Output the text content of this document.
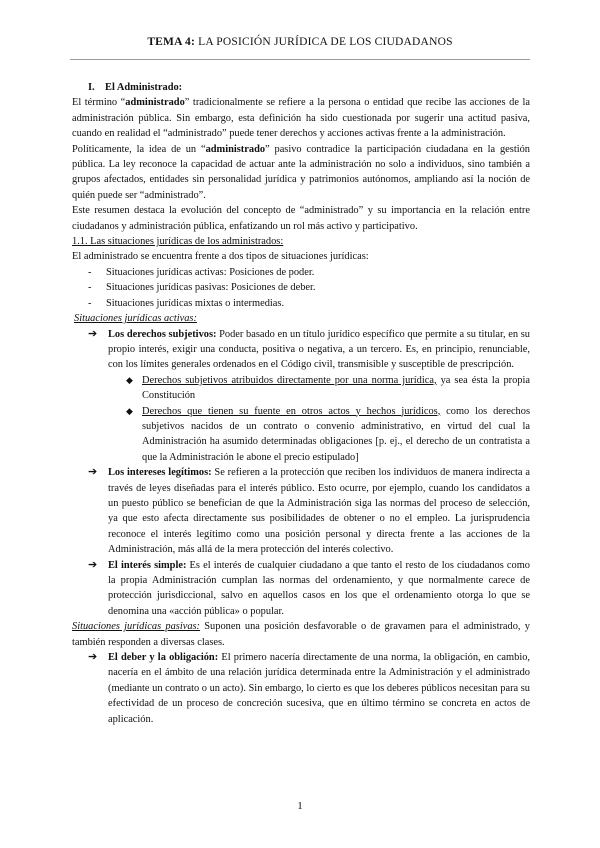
TEMA 4: LA POSICIÓN JURÍDICA DE LOS CIUDADANOS

I. El Administrado:

El término “administrado” tradicionalmente se refiere a la persona o entidad que recibe las acciones de la administración pública. Sin embargo, esta definición ha sido cuestionada por sugerir una actitud pasiva, cuando en realidad el “administrado” puede tener derechos y acciones activas frente a la administración.

Políticamente, la idea de un “administrado” pasivo contradice la participación ciudadana en la gestión pública. La ley reconoce la capacidad de actuar ante la administración no solo a individuos, sino también a grupos afectados, entidades sin personalidad jurídica y patrimonios autónomos, ampliando así la noción de quién puede ser “administrado”.

Este resumen destaca la evolución del concepto de “administrado” y su importancia en la relación entre ciudadanos y administración pública, enfatizando un rol más activo y participativo.

1.1. Las situaciones jurídicas de los administrados:

El administrado se encuentra frente a dos tipos de situaciones jurídicas:

- Situaciones jurídicas activas: Posiciones de poder.

- Situaciones jurídicas pasivas: Posiciones de deber.

- Situaciones jurídicas mixtas o intermedias.

Situaciones jurídicas activas:

➔ Los derechos subjetivos: Poder basado en un título jurídico específico que permite a su titular, en su propio interés, exigir una conducta, positiva o negativa, a un tercero. Es, en principio, renunciable, con los límites generales ordenados en el Código civil, transmisible y susceptible de prescripción.

◆ Derechos subjetivos atribuidos directamente por una norma jurídica, ya sea ésta la propia Constitución

◆ Derechos que tienen su fuente en otros actos y hechos jurídicos, como los derechos subjetivos nacidos de un contrato o convenio administrativo, en virtud del cual la Administración ha asumido determinadas obligaciones [p. ej., el derecho de un contratista a que la Administración le abone el precio estipulado]

➔ Los intereses legítimos: Se refieren a la protección que reciben los individuos de manera indirecta a través de leyes diseñadas para el interés público. Esto ocurre, por ejemplo, cuando los candidatos a un puesto público se benefician de que la Administración siga las normas del proceso de selección, ya que esto afecta directamente sus posibilidades de obtener o no el empleo. La jurisprudencia reconoce el interés legítimo como una posición personal y directa frente a las acciones de la Administración, más allá de la mera protección del interés colectivo.

➔ El interés simple: Es el interés de cualquier ciudadano a que tanto el resto de los ciudadanos como la propia Administración cumplan las normas del ordenamiento, y que normalmente carece de protección jurisdiccional, salvo en aquellos casos en los que el ordenamiento otorga lo que se denomina una «acción pública» o popular.

Situaciones jurídicas pasivas: Suponen una posición desfavorable o de gravamen para el administrado, y también responden a diversas clases.

➔ El deber y la obligación: El primero nacería directamente de una norma, la obligación, en cambio, nacería en el ámbito de una relación jurídica determinada entre la Administración y el administrado (mediante un contrato o un acto). Sin embargo, lo cierto es que los deberes públicos necesitan para su efectividad de un proceso de concreción sucesiva, que en último término se concreta en actos de aplicación.

1
